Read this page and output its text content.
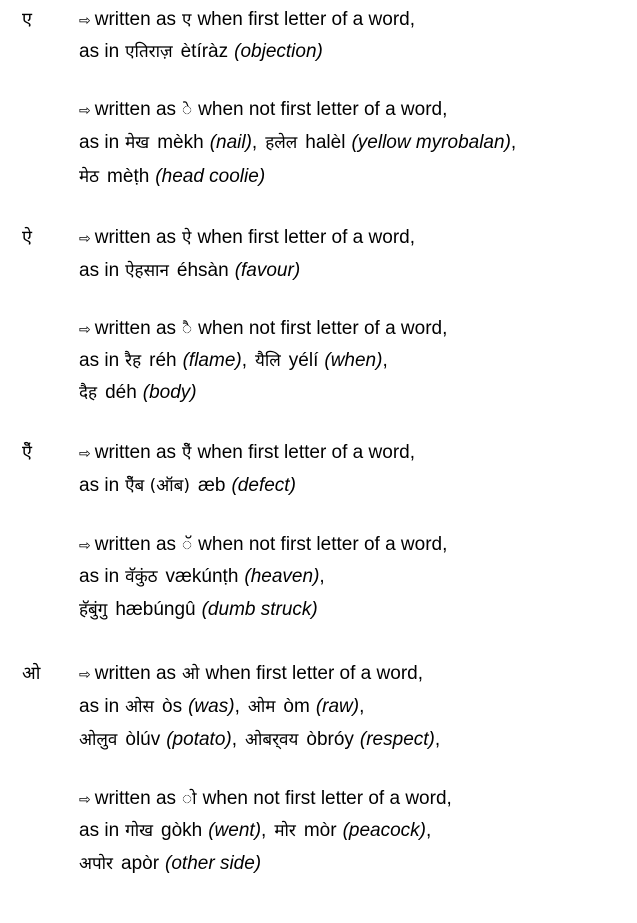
ए	⇨ written as ए when first letter of a word,
as in एतिराज़ ètíràz (objection)
⇨ written as े when not first letter of a word,
as in मेख mèkh (nail), हलेल halèl (yellow myrobalan),
मेठ mèṭh (head coolie)
ऐ	⇨ written as ऐ when first letter of a word,
as in ऐहसान éhsàn (favour)
⇨ written as ै when not first letter of a word,
as in रैह réh (flame), यैलि yélí (when),
दैह déh (body)
ऍे	⇨ written as ऍे when first letter of a word,
as in ऍेब (ऑब) æb (defect)
⇨ written as ॅ when not first letter of a word,
as in वॅकुंठ vækúnṭh (heaven),
हॅबुंगु hæbúngû (dumb struck)
ओ	⇨ written as ओ when first letter of a word,
as in ओस òs (was), ओम òm (raw),
ओलुव òlúv (potato), ओबर्‌वय òbróy (respect),
⇨ written as ो when not first letter of a word,
as in गोख gòkh (went), मोर mòr (peacock),
अपोर apòr (other side)
